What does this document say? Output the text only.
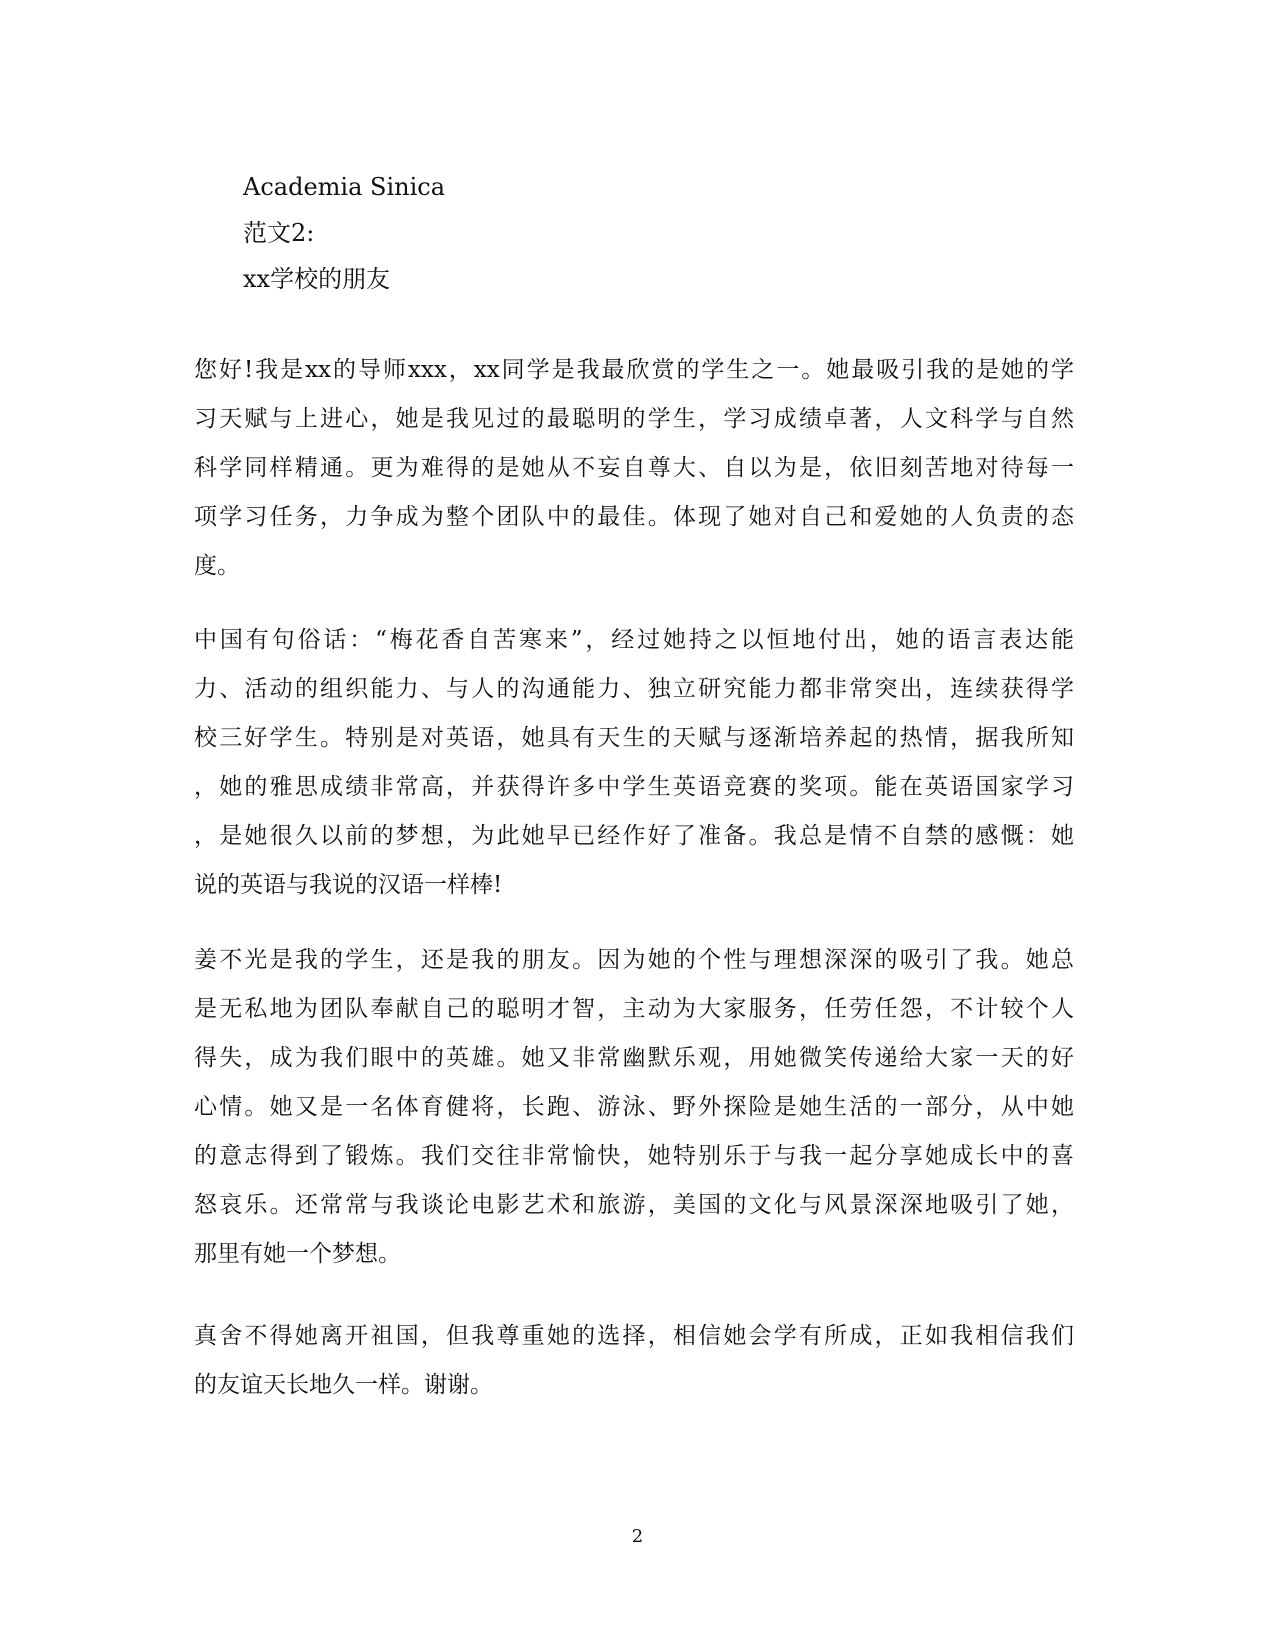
Academia Sinica
范文2:
xx学校的朋友
您好!我是xx的导师xxx，xx同学是我最欣赏的学生之一。她最吸引我的是她的学
习天赋与上进心，她是我见过的最聪明的学生，学习成绩卓著，人文科学与自然
科学同样精通。更为难得的是她从不妄自尊大、自以为是，依旧刻苦地对待每一
项学习任务，力争成为整个团队中的最佳。体现了她对自己和爱她的人负责的态
度。
中国有句俗话：“梅花香自苦寒来”，经过她持之以恒地付出，她的语言表达能
力、活动的组织能力、与人的沟通能力、独立研究能力都非常突出，连续获得学
校三好学生。特别是对英语，她具有天生的天赋与逐渐培养起的热情，据我所知
，她的雅思成绩非常高，并获得许多中学生英语竞赛的奖项。能在英语国家学习
，是她很久以前的梦想，为此她早已经作好了准备。我总是情不自禁的感慨：她
说的英语与我说的汉语一样棒!
姜不光是我的学生，还是我的朋友。因为她的个性与理想深深的吸引了我。她总
是无私地为团队奉献自己的聪明才智，主动为大家服务，任劳任怨，不计较个人
得失，成为我们眼中的英雄。她又非常幽默乐观，用她微笑传递给大家一天的好
心情。她又是一名体育健将，长跑、游泳、野外探险是她生活的一部分，从中她
的意志得到了锻炼。我们交往非常愉快，她特别乐于与我一起分享她成长中的喜
怒哀乐。还常常与我谈论电影艺术和旅游，美国的文化与风景深深地吸引了她，
那里有她一个梦想。
真舍不得她离开祖国，但我尊重她的选择，相信她会学有所成，正如我相信我们
的友谊天长地久一样。谢谢。
2
